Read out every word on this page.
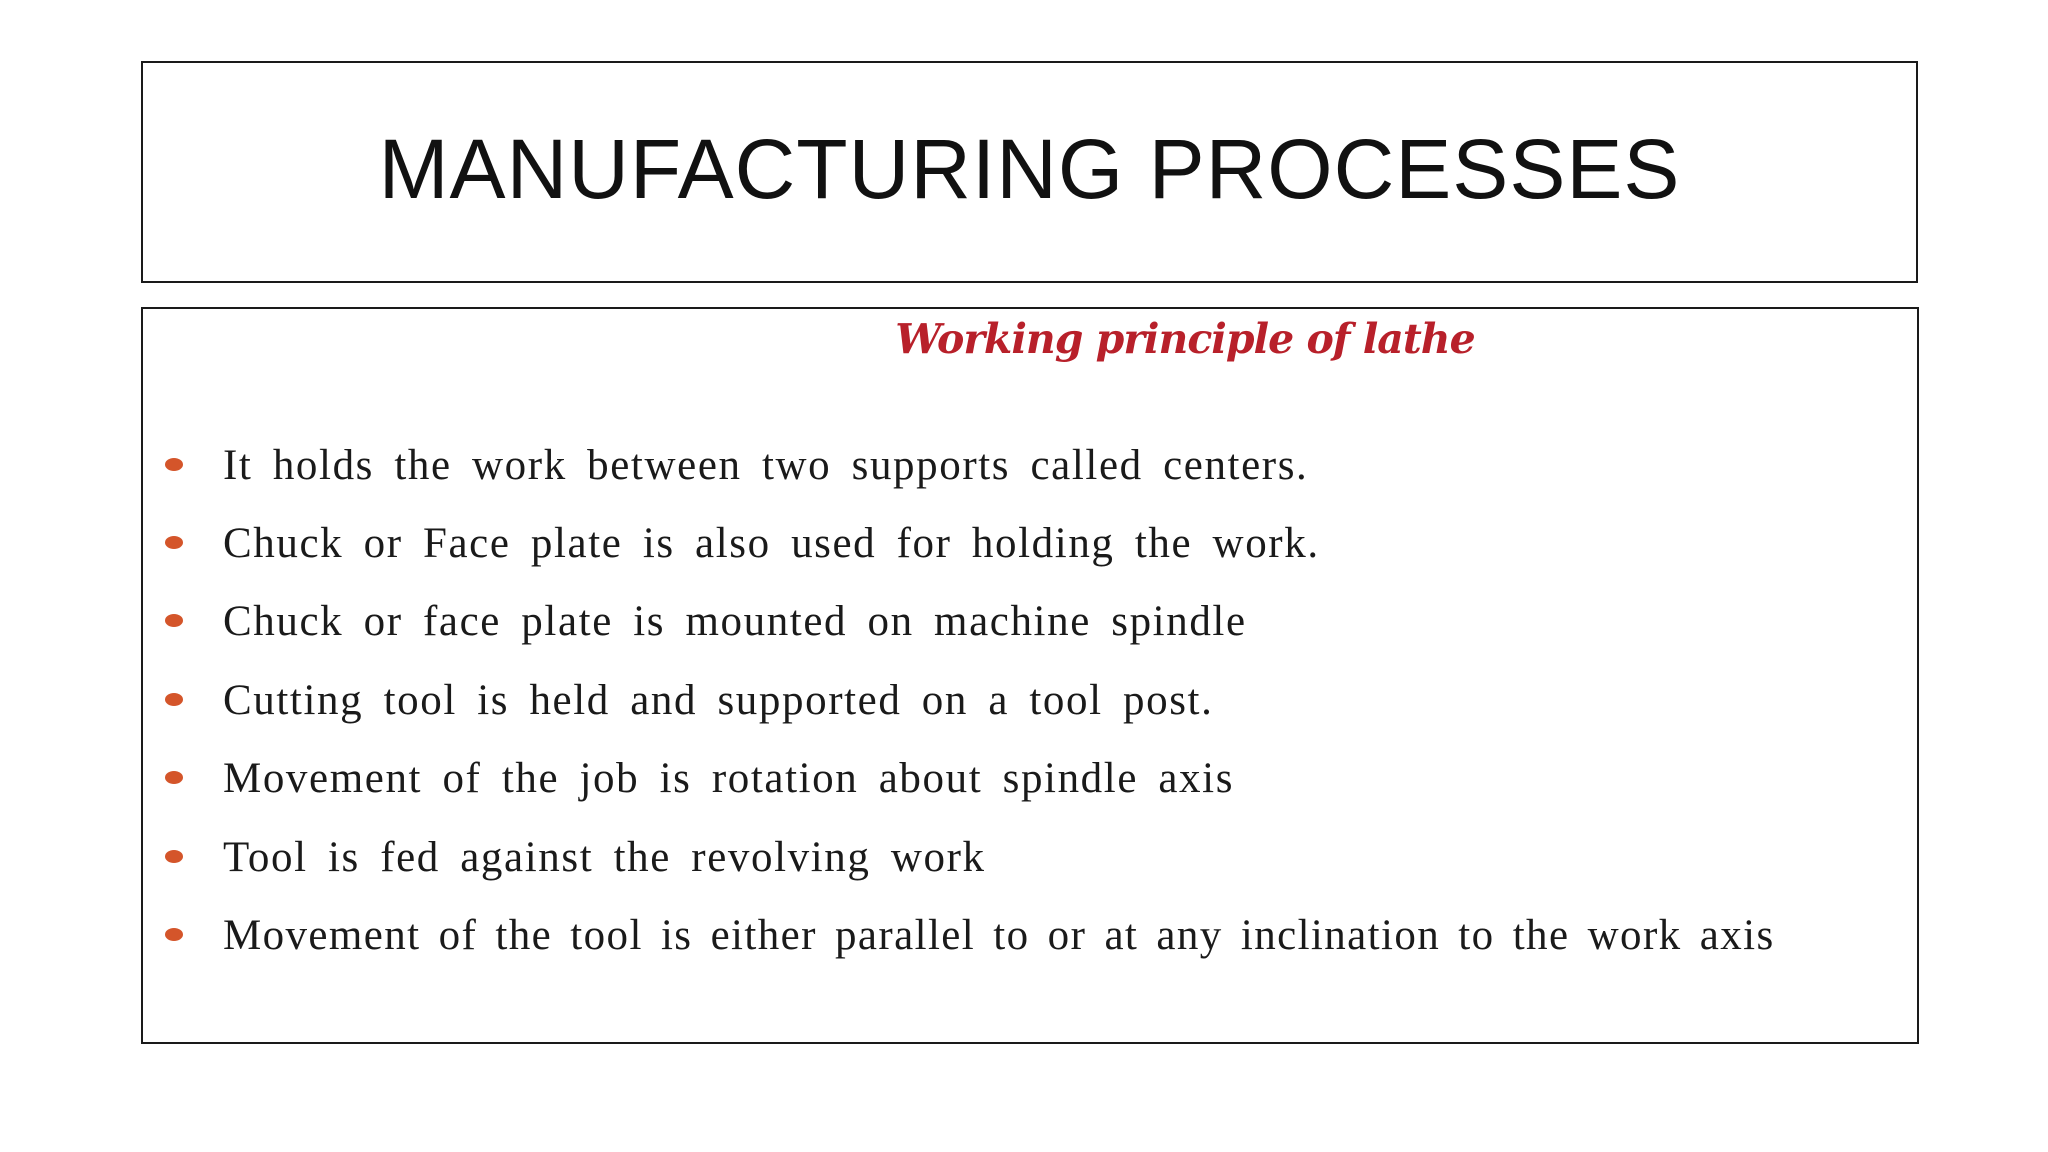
MANUFACTURING PROCESSES
Working principle of lathe
It holds the work between two supports called centers.
Chuck or Face plate is also used for holding the work.
Chuck or face plate is mounted on machine spindle
Cutting tool is held and supported on a tool post.
Movement of the job is rotation about spindle axis
Tool is fed against the revolving work
Movement of the tool is either parallel to or at any inclination to the work axis
